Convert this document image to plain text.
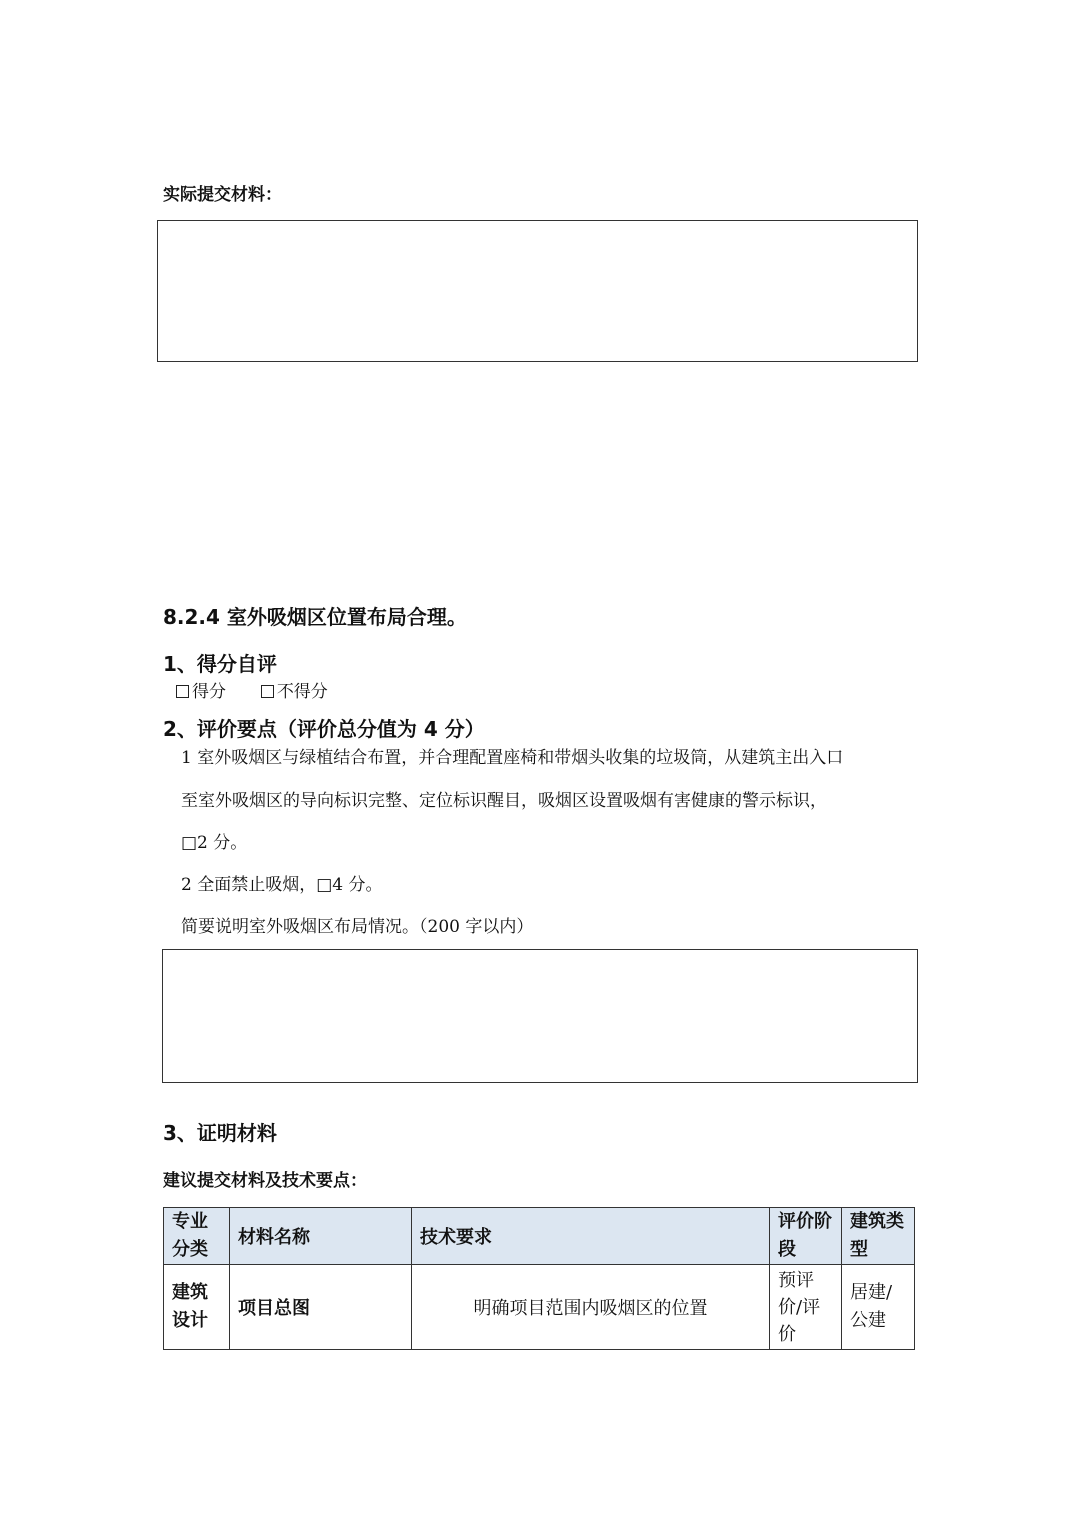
实际提交材料：
8.2.4 室外吸烟区位置布局合理。
1、得分自评
得分	不得分
2、评价要点（评价总分值为 4 分）
1 室外吸烟区与绿植结合布置，并合理配置座椅和带烟头收集的垃圾筒，从建筑主出入口
至室外吸烟区的导向标识完整、定位标识醒目，吸烟区设置吸烟有害健康的警示标识，
□2 分。
2 全面禁止吸烟，□4 分。
简要说明室外吸烟区布局情况。（200 字以内）
3、证明材料
建议提交材料及技术要点：
专业分类	材料名称	技术要求	评价阶段	建筑类型
建筑设计	项目总图	明确项目范围内吸烟区的位置	预评价/评价	居建/公建
